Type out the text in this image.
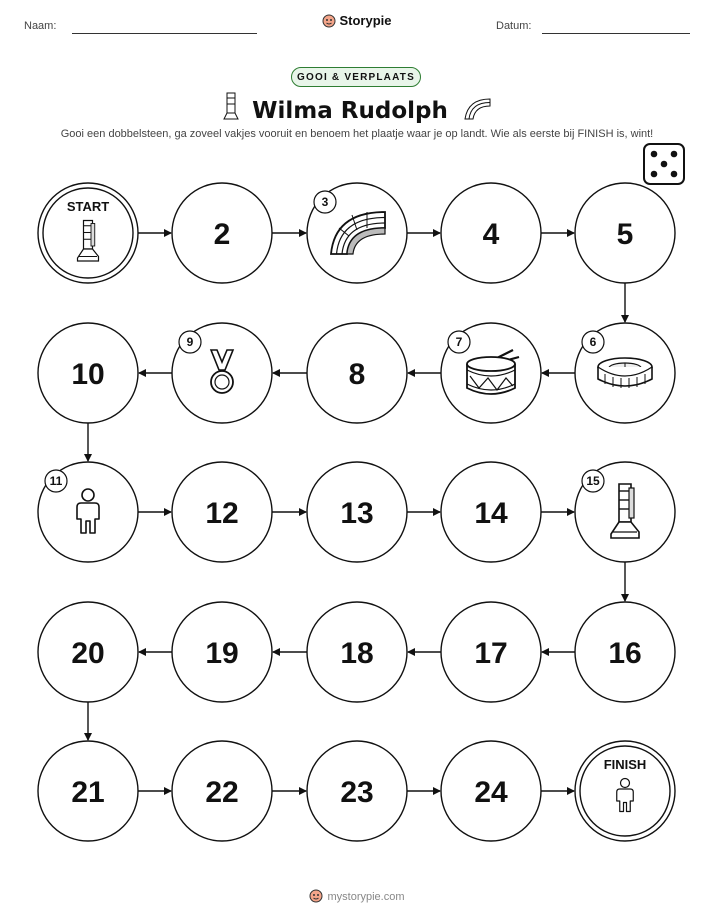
Naam:	Storypie	Datum:
GOOI & VERPLAATS
Wilma Rudolph
Gooi een dobbelsteen, ga zoveel vakjes vooruit en benoem het plaatje waar je op landt. Wie als eerste bij FINISH is, wint!
START
2
3
4	5
6
7
8
9
10
11
12	13	14
15
16
17
18
19
20
21	22	23	24
FINISH
mystorypie.com
